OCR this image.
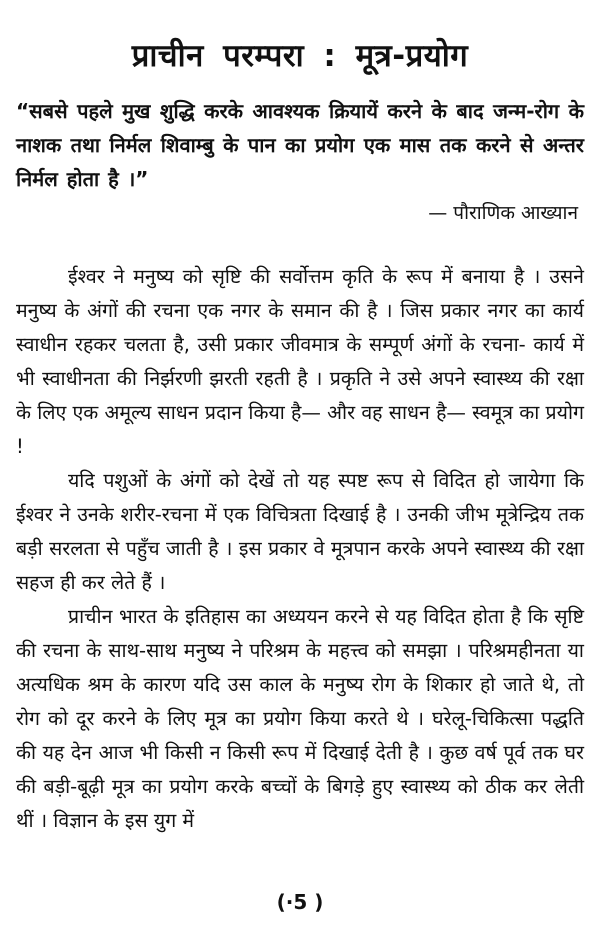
प्राचीन परम्परा : मूत्र-प्रयोग

“सबसे पहले मुख शुद्धि करके आवश्यक क्रियायें करने के बाद जन्म-रोग के नाशक तथा निर्मल शिवाम्बु के पान का प्रयोग एक मास तक करने से अन्तर निर्मल होता है ।”

— पौराणिक आख्यान

ईश्वर ने मनुष्य को सृष्टि की सर्वोत्तम कृति के रूप में बनाया है । उसने मनुष्य के अंगों की रचना एक नगर के समान की है । जिस प्रकार नगर का कार्य स्वाधीन रहकर चलता है, उसी प्रकार जीवमात्र के सम्पूर्ण अंगों के रचना- कार्य में भी स्वाधीनता की निर्झरणी झरती रहती है । प्रकृति ने उसे अपने स्वास्थ्य की रक्षा के लिए एक अमूल्य साधन प्रदान किया है— और वह साधन है— स्वमूत्र का प्रयोग !

यदि पशुओं के अंगों को देखें तो यह स्पष्ट रूप से विदित हो जायेगा कि ईश्वर ने उनके शरीर-रचना में एक विचित्रता दिखाई है । उनकी जीभ मूत्रेन्द्रिय तक बड़ी सरलता से पहुँच जाती है । इस प्रकार वे मूत्रपान करके अपने स्वास्थ्य की रक्षा सहज ही कर लेते हैं ।

प्राचीन भारत के इतिहास का अध्ययन करने से यह विदित होता है कि सृष्टि की रचना के साथ-साथ मनुष्य ने परिश्रम के महत्त्व को समझा । परिश्रमहीनता या अत्यधिक श्रम के कारण यदि उस काल के मनुष्य रोग के शिकार हो जाते थे, तो रोग को दूर करने के लिए मूत्र का प्रयोग किया करते थे । घरेलू-चिकित्सा पद्धति की यह देन आज भी किसी न किसी रूप में दिखाई देती है । कुछ वर्ष पूर्व तक घर की बड़ी-बूढ़ी मूत्र का प्रयोग करके बच्चों के बिगड़े हुए स्वास्थ्य को ठीक कर लेती थीं । विज्ञान के इस युग में

(·5 )
